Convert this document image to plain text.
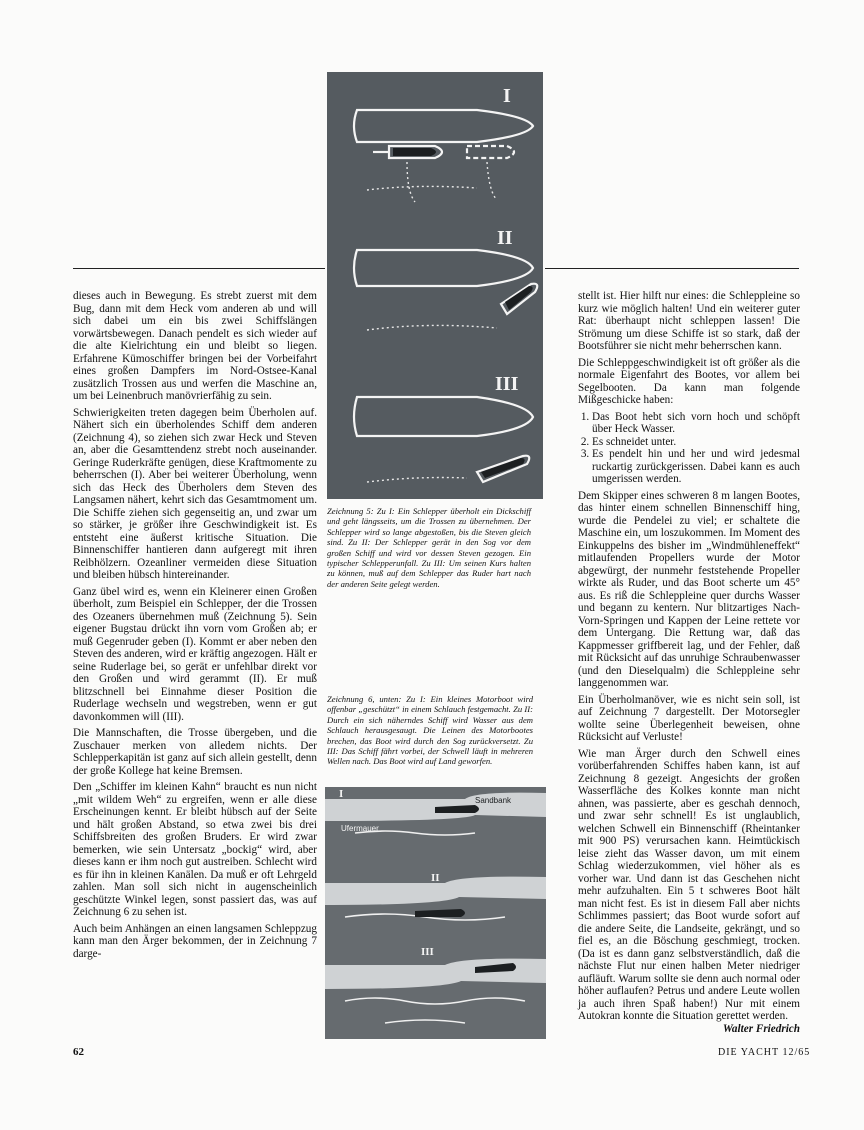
I
II
III
Zeichnung 5: Zu I: Ein Schlepper überholt ein Dickschiff und geht längsseits, um die Trossen zu übernehmen. Der Schlepper wird so lange abgestoßen, bis die Steven gleich sind. Zu II: Der Schlepper gerät in den Sog vor dem großen Schiff und wird vor dessen Steven gezogen. Ein typischer Schlepperunfall. Zu III: Um seinen Kurs halten zu können, muß auf dem Schlepper das Ruder hart nach der anderen Seite gelegt werden.
Zeichnung 6, unten: Zu I: Ein kleines Motorboot wird offenbar „geschützt“ in einem Schlauch festgemacht. Zu II: Durch ein sich näherndes Schiff wird Wasser aus dem Schlauch herausgesaugt. Die Leinen des Motorbootes brechen, das Boot wird durch den Sog zurückversetzt. Zu III: Das Schiff fährt vorbei, der Schwell läuft in mehreren Wellen nach. Das Boot wird auf Land geworfen.
Sandbank
Ufermauer
I
II
III

dieses auch in Bewegung. Es strebt zuerst mit dem Bug, dann mit dem Heck vom anderen ab und will sich dabei um ein bis zwei Schiffslängen vorwärtsbewegen. Danach pendelt es sich wieder auf die alte Kielrichtung ein und bleibt so liegen. Erfahrene Kümoschiffer bringen bei der Vorbeifahrt eines großen Dampfers im Nord-Ostsee-Kanal zusätzlich Trossen aus und werfen die Maschine an, um bei Leinenbruch manövrierfähig zu sein.

Schwierigkeiten treten dagegen beim Überholen auf. Nähert sich ein überholendes Schiff dem anderen (Zeichnung 4), so ziehen sich zwar Heck und Steven an, aber die Gesamttendenz strebt noch auseinander. Geringe Ruderkräfte genügen, diese Kraftmomente zu beherrschen (I). Aber bei weiterer Überholung, wenn sich das Heck des Überholers dem Steven des Langsamen nähert, kehrt sich das Gesamtmoment um. Die Schiffe ziehen sich gegenseitig an, und zwar um so stärker, je größer ihre Geschwindigkeit ist. Es entsteht eine äußerst kritische Situation. Die Binnenschiffer hantieren dann aufgeregt mit ihren Reibhölzern. Ozeanliner vermeiden diese Situation und bleiben hübsch hintereinander.

Ganz übel wird es, wenn ein Kleinerer einen Großen überholt, zum Beispiel ein Schlepper, der die Trossen des Ozeaners übernehmen muß (Zeichnung 5). Sein eigener Bugstau drückt ihn vorn vom Großen ab; er muß Gegenruder geben (I). Kommt er aber neben den Steven des anderen, wird er kräftig angezogen. Hält er seine Ruderlage bei, so gerät er unfehlbar direkt vor den Großen und wird gerammt (II). Er muß blitzschnell bei Einnahme dieser Position die Ruderlage wechseln und wegstreben, wenn er gut davonkommen will (III).

Die Mannschaften, die Trosse übergeben, und die Zuschauer merken von alledem nichts. Der Schlepperkapitän ist ganz auf sich allein gestellt, denn der große Kollege hat keine Bremsen.

Den „Schiffer im kleinen Kahn“ braucht es nun nicht „mit wildem Weh“ zu ergreifen, wenn er alle diese Erscheinungen kennt. Er bleibt hübsch auf der Seite und hält großen Abstand, so etwa zwei bis drei Schiffsbreiten des großen Bruders. Er wird zwar bemerken, wie sein Untersatz „bockig“ wird, aber dieses kann er ihm noch gut austreiben. Schlecht wird es für ihn in kleinen Kanälen. Da muß er oft Lehrgeld zahlen. Man soll sich nicht in augenscheinlich geschützte Winkel legen, sonst passiert das, was auf Zeichnung 6 zu sehen ist.

Auch beim Anhängen an einen langsamen Schleppzug kann man den Ärger bekommen, der in Zeichnung 7 darge-

stellt ist. Hier hilft nur eines: die Schleppleine so kurz wie möglich halten! Und ein weiterer guter Rat: überhaupt nicht schleppen lassen! Die Strömung um diese Schiffe ist so stark, daß der Bootsführer sie nicht mehr beherrschen kann.

Die Schleppgeschwindigkeit ist oft größer als die normale Eigenfahrt des Bootes, vor allem bei Segelbooten. Da kann man folgende Mißgeschicke haben:

1. Das Boot hebt sich vorn hoch und schöpft über Heck Wasser.
2. Es schneidet unter.
3. Es pendelt hin und her und wird jedesmal ruckartig zurückgerissen. Dabei kann es auch umgerissen werden.

Dem Skipper eines schweren 8 m langen Bootes, das hinter einem schnellen Binnenschiff hing, wurde die Pendelei zu viel; er schaltete die Maschine ein, um loszukommen. Im Moment des Einkuppelns des bisher im „Windmühleneffekt“ mitlaufenden Propellers wurde der Motor abgewürgt, der nunmehr feststehende Propeller wirkte als Ruder, und das Boot scherte um 45° aus. Es riß die Schleppleine quer durchs Wasser und begann zu kentern. Nur blitzartiges Nach-Vorn-Springen und Kappen der Leine rettete vor dem Untergang. Die Rettung war, daß das Kappmesser griffbereit lag, und der Fehler, daß mit Rücksicht auf das unruhige Schraubenwasser (und den Dieselqualm) die Schleppleine sehr langgenommen war.

Ein Überholmanöver, wie es nicht sein soll, ist auf Zeichnung 7 dargestellt. Der Motorsegler wollte seine Überlegenheit beweisen, ohne Rücksicht auf Verluste!

Wie man Ärger durch den Schwell eines vorüberfahrenden Schiffes haben kann, ist auf Zeichnung 8 gezeigt. Angesichts der großen Wasserfläche des Kolkes konnte man nicht ahnen, was passierte, aber es geschah dennoch, und zwar sehr schnell! Es ist unglaublich, welchen Schwell ein Binnenschiff (Rheintanker mit 900 PS) verursachen kann. Heimtückisch leise zieht das Wasser davon, um mit einem Schlag wiederzukommen, viel höher als es vorher war. Und dann ist das Geschehen nicht mehr aufzuhalten. Ein 5 t schweres Boot hält man nicht fest. Es ist in diesem Fall aber nichts Schlimmes passiert; das Boot wurde sofort auf die andere Seite, die Landseite, gekrängt, und so fiel es, an die Böschung geschmiegt, trocken. (Da ist es dann ganz selbstverständlich, daß die nächste Flut nur einen halben Meter niedriger aufläuft. Warum sollte sie denn auch normal oder höher auflaufen? Petrus und andere Leute wollen ja auch ihren Spaß haben!) Nur mit einem Autokran konnte die Situation gerettet werden.
Walter Friedrich

62	DIE YACHT 12/65
